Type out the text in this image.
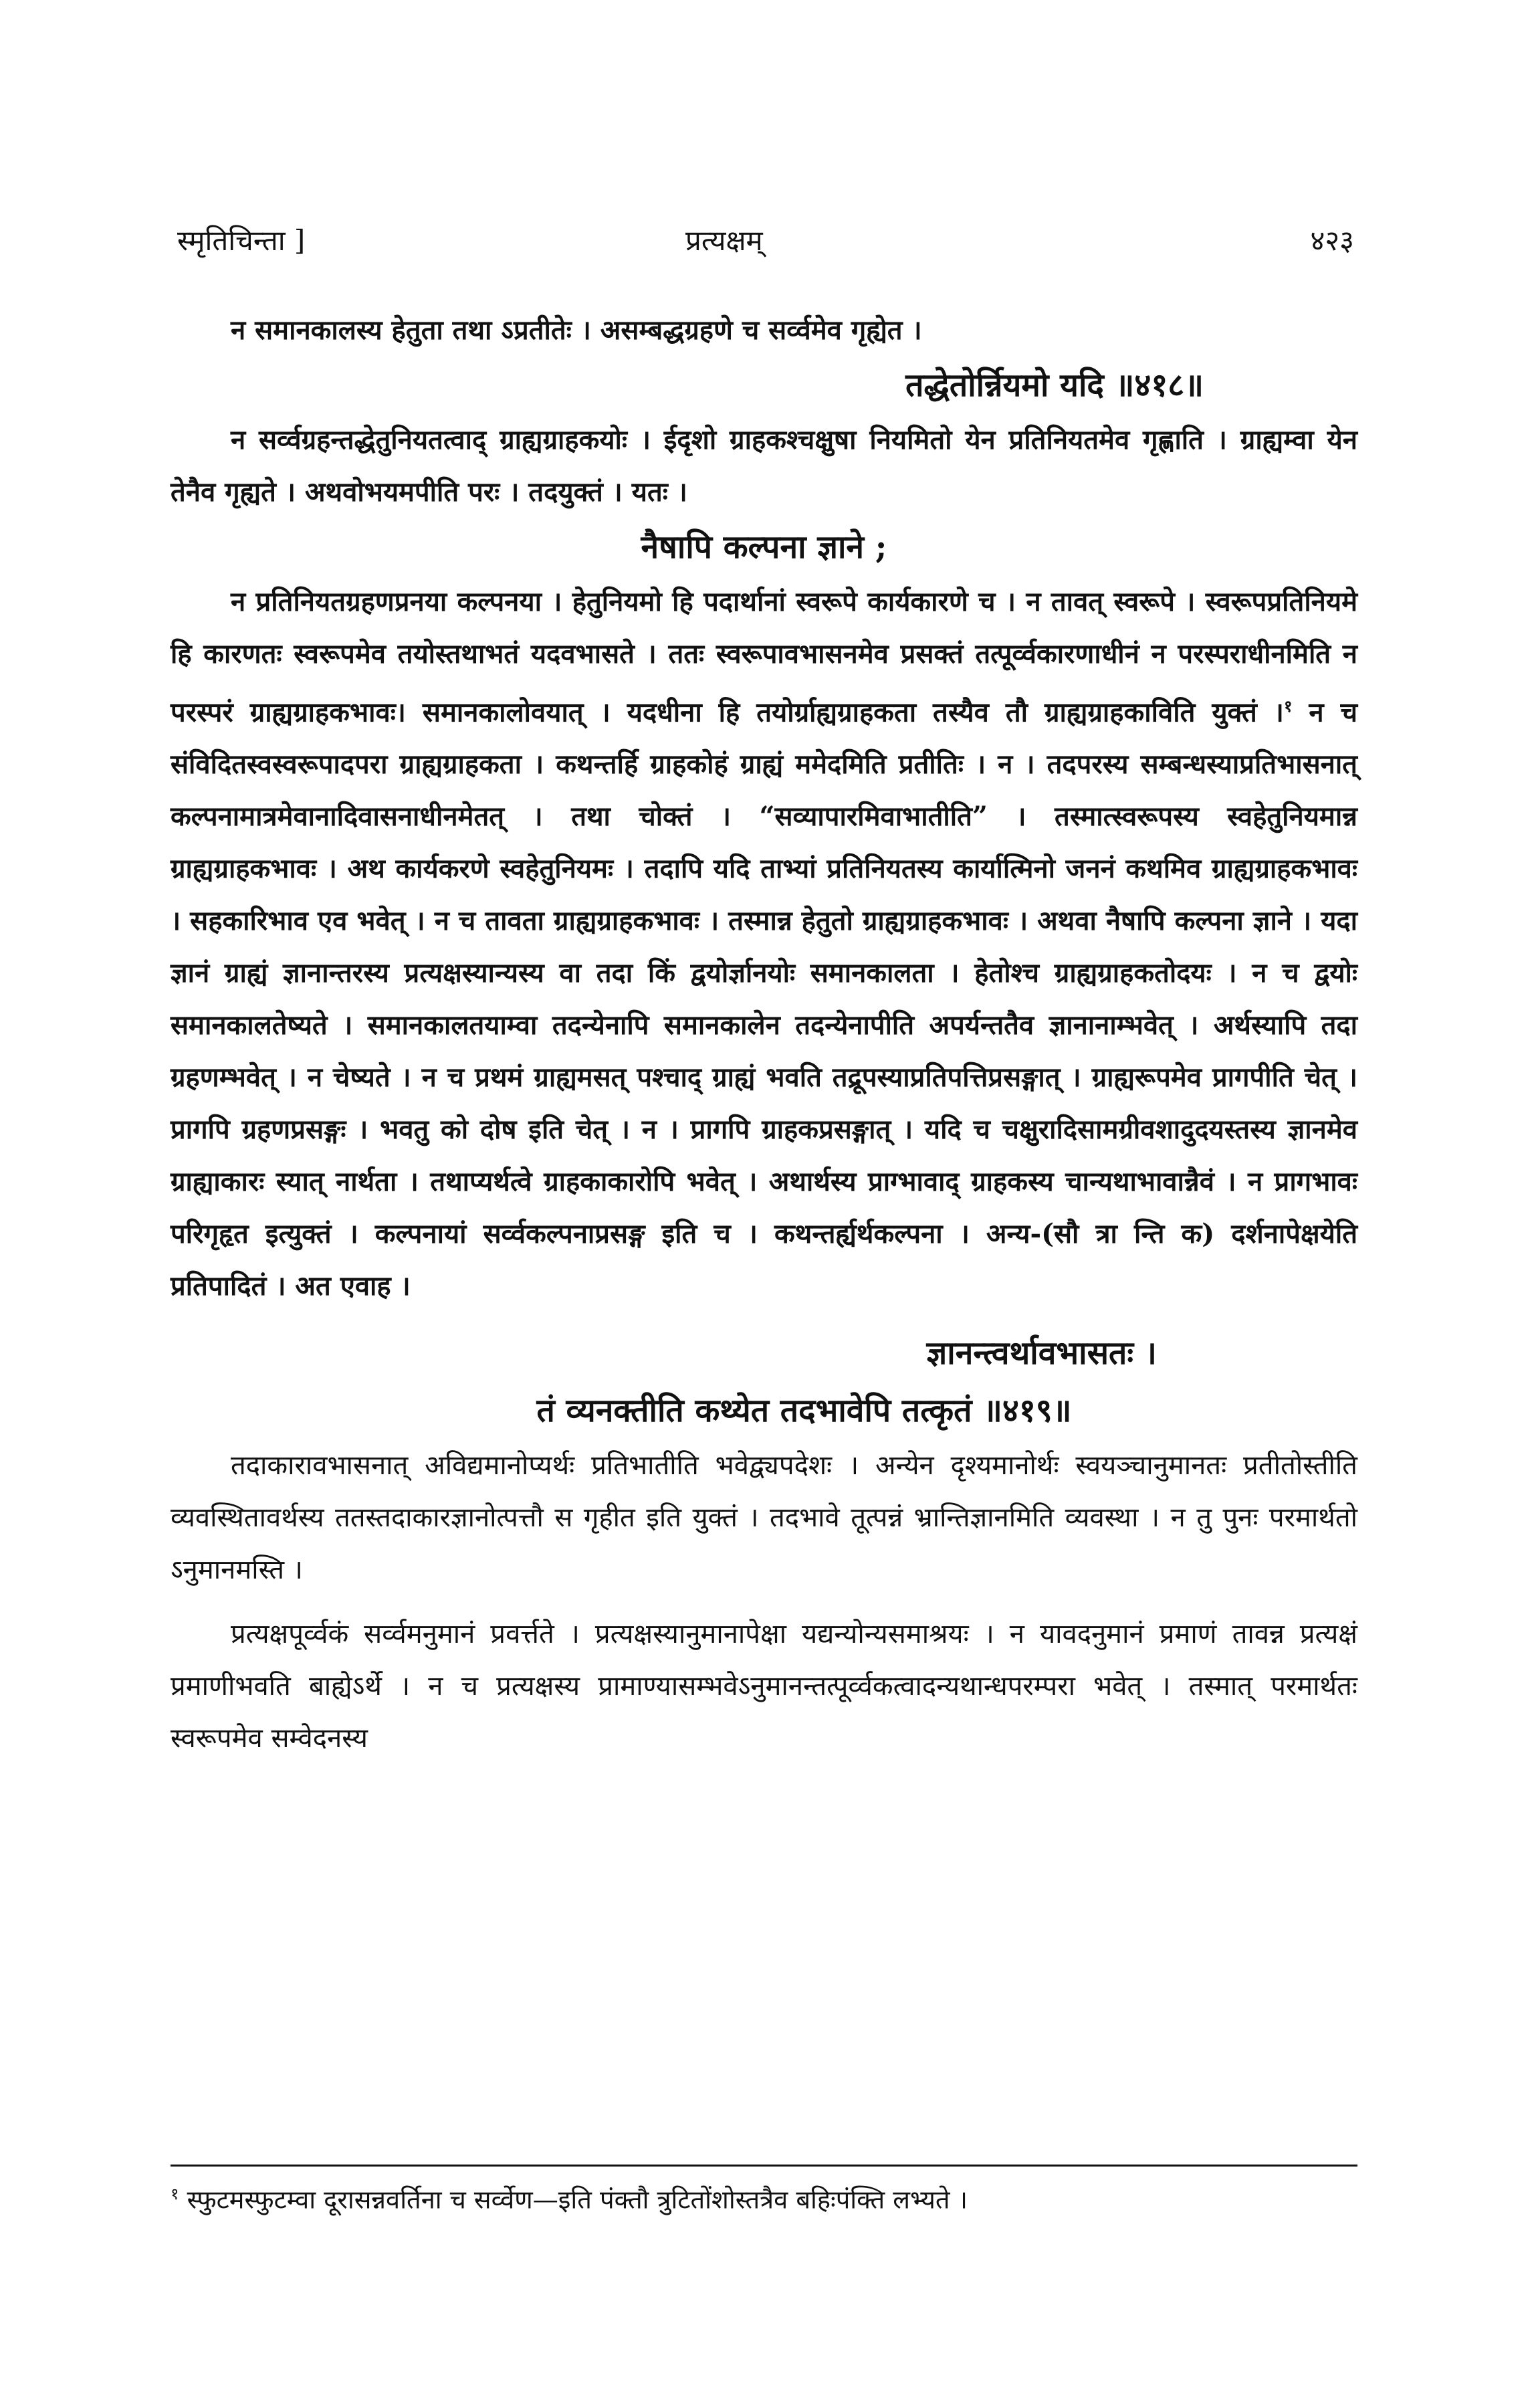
स्मृतिचिन्ता ]	प्रत्यक्षम्	४२३

न समानकालस्य हेतुता तथा ऽप्रतीतेः । असम्बद्धग्रहणे च सर्व्वमेव गृह्येत ।

तद्धेतोर्न्नियमो यदि ॥४१८॥

न सर्व्वग्रहन्तद्धेतुनियतत्वाद् ग्राह्यग्राहकयोः । ईदृशो ग्राहकश्चक्षुषा नियमितो येन प्रतिनियतमेव गृह्णाति । ग्राह्यम्वा येन तेनैव गृह्यते । अथवोभयमपीति परः । तदयुक्तं । यतः ।

नैषापि कल्पना ज्ञाने ;

न प्रतिनियतग्रहणप्रनया कल्पनया । हेतुनियमो हि पदार्थानां स्वरूपे कार्यकारणे च । न तावत् स्वरूपे । स्वरूपप्रतिनियमे हि कारणतः स्वरूपमेव तयोस्तथाभतं यदवभासते । ततः स्वरूपावभासनमेव प्रसक्तं तत्पूर्व्वकारणाधीनं न परस्पराधीनमिति न परस्परं ग्राह्यग्राहकभावः। समानकालोवयात् । यदधीना हि तयोर्ग्राह्यग्राहकता तस्यैव तौ ग्राह्यग्राहकाविति युक्तं ।$^१$ न च संविदितस्वस्वरूपादपरा ग्राह्यग्राहकता । कथन्तर्हि ग्राहकोहं ग्राह्यं ममेदमिति प्रतीतिः । न । तदपरस्य सम्बन्धस्याप्रतिभासनात् कल्पनामात्रमेवानादिवासनाधीनमेतत् । तथा चोक्तं । “सव्यापारमिवाभातीति” । तस्मात्स्वरूपस्य स्वहेतुनियमान्न ग्राह्यग्राहकभावः । अथ कार्यकरणे स्वहेतुनियमः । तदापि यदि ताभ्यां प्रतिनियतस्य कार्यात्मिनो जननं कथमिव ग्राह्यग्राहकभावः । सहकारिभाव एव भवेत् । न च तावता ग्राह्यग्राहकभावः । तस्मान्न हेतुतो ग्राह्यग्राहकभावः । अथवा नैषापि कल्पना ज्ञाने । यदा ज्ञानं ग्राह्यं ज्ञानान्तरस्य प्रत्यक्षस्यान्यस्य वा तदा किं द्वयोर्ज्ञानयोः समानकालता । हेतोश्च ग्राह्यग्राहकतोदयः । न च द्वयोः समानकालतेष्यते । समानकालतयाम्वा तदन्येनापि समानकालेन तदन्येनापीति अपर्यन्ततैव ज्ञानानाम्भवेत् । अर्थस्यापि तदा ग्रहणम्भवेत् । न चेष्यते । न च प्रथमं ग्राह्यमसत् पश्चाद् ग्राह्यं भवति तद्रूपस्याप्रतिपत्तिप्रसङ्गात् । ग्राह्यरूपमेव प्रागपीति चेत् । प्रागपि ग्रहणप्रसङ्गः । भवतु को दोष इति चेत् । न । प्रागपि ग्राहकप्रसङ्गात् । यदि च चक्षुरादिसामग्रीवशादुदयस्तस्य ज्ञानमेव ग्राह्याकारः स्यात् नार्थता । तथाप्यर्थत्वे ग्राहकाकारोपि भवेत् । अथार्थस्य प्राग्भावाद् ग्राहकस्य चान्यथाभावान्नैवं । न प्रागभावः परिगृहृत इत्युक्तं । कल्पनायां सर्व्वकल्पनाप्रसङ्ग इति च । कथन्तर्ह्यर्थकल्पना । अन्य-(सौ त्रा न्ति क) दर्शनापेक्षयेति प्रतिपादितं । अत एवाह ।

ज्ञानन्त्वर्थावभासतः ।

तं व्यनक्तीति कथ्येत तदभावेपि तत्कृतं ॥४१९॥

तदाकारावभासनात् अविद्यमानोप्यर्थः प्रतिभातीति भवेद्व्यपदेशः । अन्येन दृश्यमानोर्थः स्वयञ्चानुमानतः प्रतीतोस्तीति व्यवस्थितावर्थस्य ततस्तदाकारज्ञानोत्पत्तौ स गृहीत इति युक्तं । तदभावे तूत्पन्नं भ्रान्तिज्ञानमिति व्यवस्था । न तु पुनः परमार्थतो ऽनुमानमस्ति ।

प्रत्यक्षपूर्व्वकं सर्व्वमनुमानं प्रवर्त्तते । प्रत्यक्षस्यानुमानापेक्षा यद्यन्योन्यसमाश्रयः । न यावदनुमानं प्रमाणं तावन्न प्रत्यक्षं प्रमाणीभवति बाह्येऽर्थे । न च प्रत्यक्षस्य प्रामाण्यासम्भवेऽनुमानन्तत्पूर्व्वकत्वादन्यथान्धपरम्परा भवेत् । तस्मात् परमार्थतः स्वरूपमेव सम्वेदनस्य

$^१$ स्फुटमस्फुटम्वा दूरासन्नवर्तिना च सर्व्वेण—इति पंक्तौ त्रुटितोंशोस्तत्रैव बहिःपंक्ति लभ्यते ।
